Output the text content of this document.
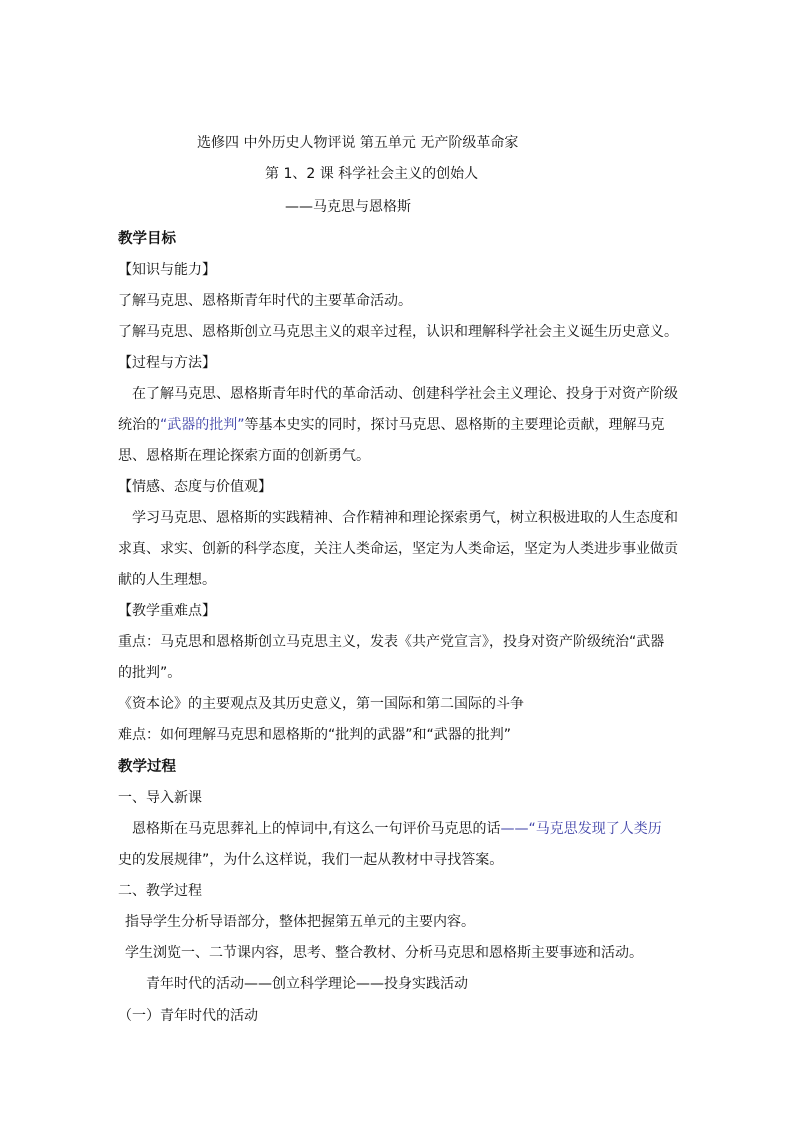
选修四 中外历史人物评说 第五单元 无产阶级革命家

第 1、2 课 科学社会主义的创始人

——马克思与恩格斯

教学目标

【知识与能力】

了解马克思、恩格斯青年时代的主要革命活动。

了解马克思、恩格斯创立马克思主义的艰辛过程，认识和理解科学社会主义诞生历史意义。

【过程与方法】

在了解马克思、恩格斯青年时代的革命活动、创建科学社会主义理论、投身于对资产阶级

统治的“武器的批判”等基本史实的同时，探讨马克思、恩格斯的主要理论贡献，理解马克

思、恩格斯在理论探索方面的创新勇气。

【情感、态度与价值观】

学习马克思、恩格斯的实践精神、合作精神和理论探索勇气，树立积极进取的人生态度和

求真、求实、创新的科学态度，关注人类命运，坚定为人类命运，坚定为人类进步事业做贡

献的人生理想。

【教学重难点】

重点：马克思和恩格斯创立马克思主义，发表《共产党宣言》，投身对资产阶级统治“武器

的批判”。

《资本论》的主要观点及其历史意义，第一国际和第二国际的斗争

难点：如何理解马克思和恩格斯的“批判的武器”和“武器的批判”

教学过程

一、导入新课

恩格斯在马克思葬礼上的悼词中,有这么一句评价马克思的话——“马克思发现了人类历

史的发展规律”，为什么这样说，我们一起从教材中寻找答案。

二、教学过程

指导学生分析导语部分，整体把握第五单元的主要内容。

学生浏览一、二节课内容，思考、整合教材、分析马克思和恩格斯主要事迹和活动。

青年时代的活动——创立科学理论——投身实践活动

（一）青年时代的活动
